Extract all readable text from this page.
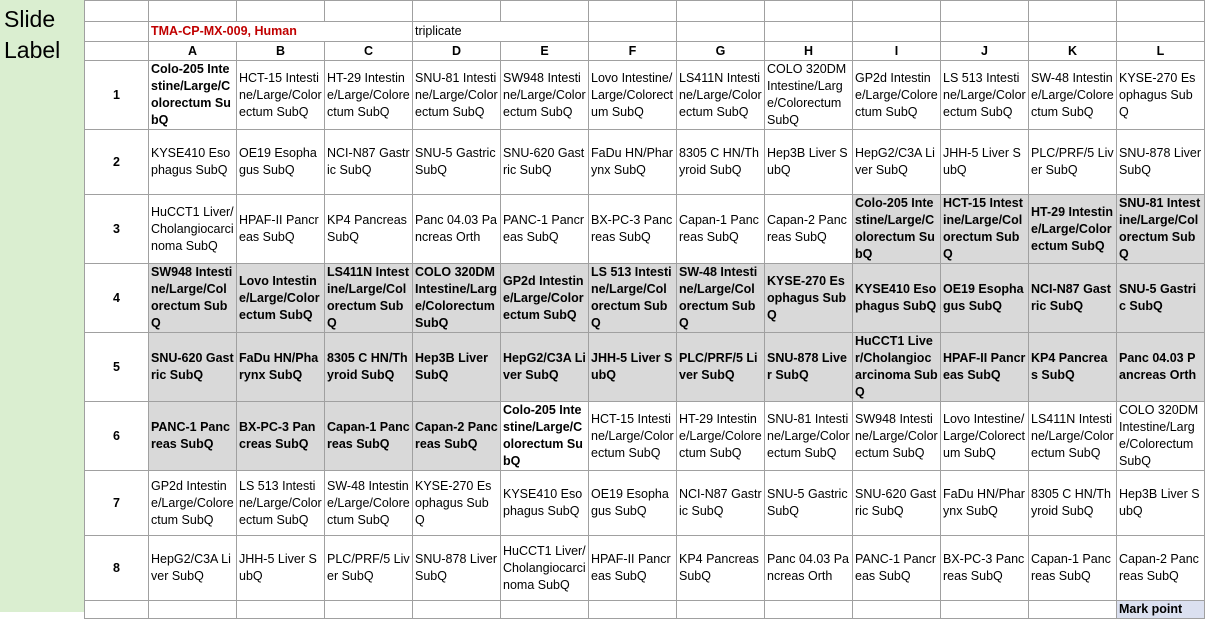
Slide Label

	TMA-CP-MX-009, Human			triplicate								
	A	B	C	D	E	F	G	H	I	J	K	L
1	Colo-205 Intestine/Large/Colorectum SubQ	HCT-15 Intestine/Large/Colorectum SubQ	HT-29 Intestine/Large/Colorectum SubQ	SNU-81 Intestine/Large/Colorectum SubQ	SW948 Intestine/Large/Colorectum SubQ	Lovo Intestine/Large/Colorectum SubQ	LS411N Intestine/Large/Colorectum SubQ	COLO 320DM Intestine/Large/Colorectum SubQ	GP2d Intestine/Large/Colorectum SubQ	LS 513 Intestine/Large/Colorectum SubQ	SW-48 Intestine/Large/Colorectum SubQ	KYSE-270 Esophagus SubQ

2	KYSE410 Esophagus SubQ	OE19 Esophagus SubQ	NCI-N87 Gastric SubQ	SNU-5 Gastric SubQ	SNU-620 Gastric SubQ	FaDu HN/Pharynx SubQ	8305 C HN/Thyroid SubQ	Hep3B Liver SubQ	HepG2/C3A Liver SubQ	JHH-5 Liver SubQ	PLC/PRF/5 Liver SubQ	SNU-878 Liver SubQ

3	HuCCT1 Liver/Cholangiocarcinoma SubQ	HPAF-II Pancreas SubQ	KP4 Pancreas SubQ	Panc 04.03 Pancreas Orth	PANC-1 Pancreas SubQ	BX-PC-3 Pancreas SubQ	Capan-1 Pancreas SubQ	Capan-2 Pancreas SubQ	Colo-205 Intestine/Large/Colorectum SubQ	HCT-15 Intestine/Large/Colorectum SubQ	HT-29 Intestine/Large/Colorectum SubQ	SNU-81 Intestine/Large/Colorectum SubQ

4	SW948 Intestine/Large/Colorectum SubQ	Lovo Intestine/Large/Colorectum SubQ	LS411N Intestine/Large/Colorectum SubQ	COLO 320DM Intestine/Large/Colorectum SubQ	GP2d Intestine/Large/Colorectum SubQ	LS 513 Intestine/Large/Colorectum SubQ	SW-48 Intestine/Large/Colorectum SubQ	KYSE-270 Esophagus SubQ	KYSE410 Esophagus SubQ	OE19 Esophagus SubQ	NCI-N87 Gastric SubQ	SNU-5 Gastric SubQ

5	SNU-620 Gastric SubQ	FaDu HN/Pharynx SubQ	8305 C HN/Thyroid SubQ	Hep3B Liver SubQ	HepG2/C3A Liver SubQ	JHH-5 Liver SubQ	PLC/PRF/5 Liver SubQ	SNU-878 Liver SubQ	HuCCT1 Liver/Cholangiocarcinoma SubQ	HPAF-II Pancreas SubQ	KP4 Pancreas SubQ	Panc 04.03 Pancreas Orth

6	PANC-1 Pancreas SubQ	BX-PC-3 Pancreas SubQ	Capan-1 Pancreas SubQ	Capan-2 Pancreas SubQ	Colo-205 Intestine/Large/Colorectum SubQ	HCT-15 Intestine/Large/Colorectum SubQ	HT-29 Intestine/Large/Colorectum SubQ	SNU-81 Intestine/Large/Colorectum SubQ	SW948 Intestine/Large/Colorectum SubQ	Lovo Intestine/Large/Colorectum SubQ	LS411N Intestine/Large/Colorectum SubQ	COLO 320DM Intestine/Large/Colorectum SubQ

7	GP2d Intestine/Large/Colorectum SubQ	LS 513 Intestine/Large/Colorectum SubQ	SW-48 Intestine/Large/Colorectum SubQ	KYSE-270 Esophagus SubQ	KYSE410 Esophagus SubQ	OE19 Esophagus SubQ	NCI-N87 Gastric SubQ	SNU-5 Gastric SubQ	SNU-620 Gastric SubQ	FaDu HN/Pharynx SubQ	8305 C HN/Thyroid SubQ	Hep3B Liver SubQ

8	HepG2/C3A Liver SubQ	JHH-5 Liver SubQ	PLC/PRF/5 Liver SubQ	SNU-878 Liver SubQ	HuCCT1 Liver/Cholangiocarcinoma SubQ	HPAF-II Pancreas SubQ	KP4 Pancreas SubQ	Panc 04.03 Pancreas Orth	PANC-1 Pancreas SubQ	BX-PC-3 Pancreas SubQ	Capan-1 Pancreas SubQ	Capan-2 Pancreas SubQ

												Mark point
